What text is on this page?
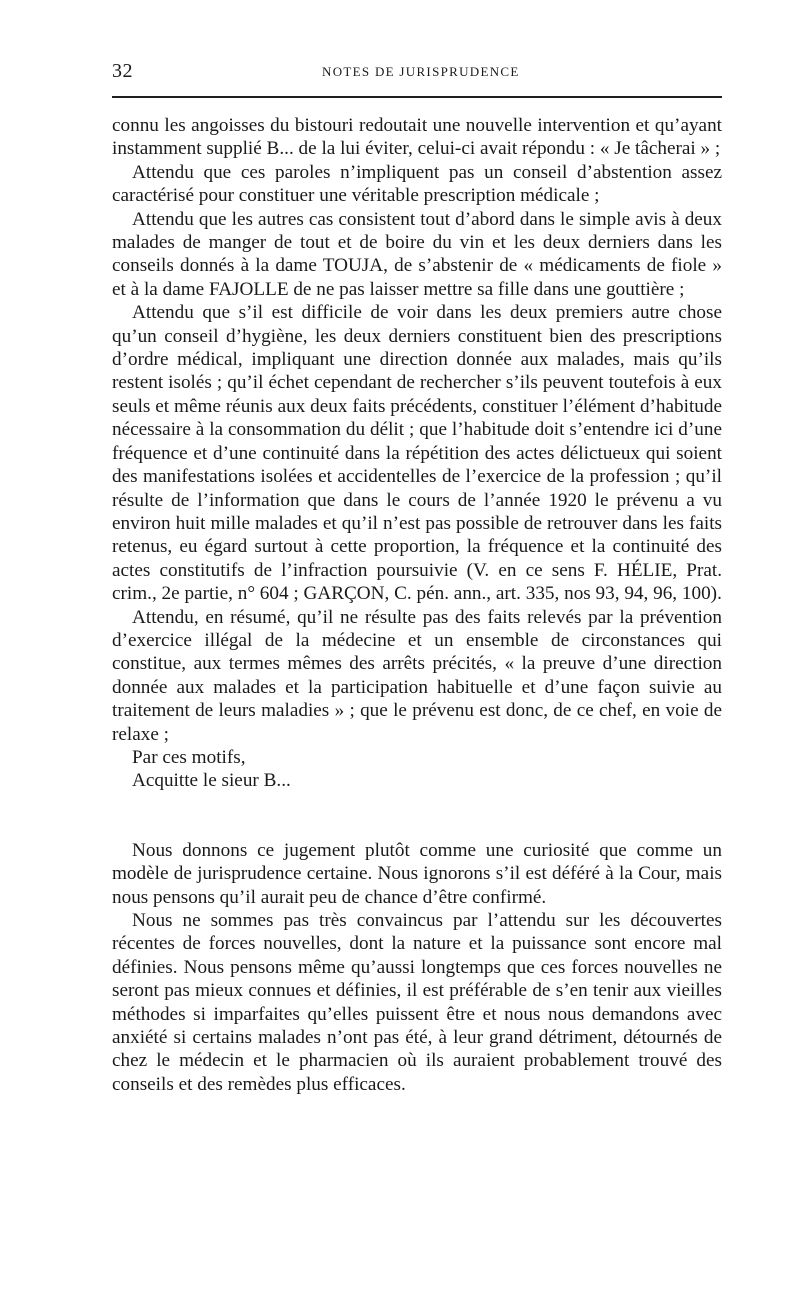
32	NOTES DE JURISPRUDENCE

connu les angoisses du bistouri redoutait une nouvelle intervention et qu’ayant instamment supplié B... de la lui éviter, celui-ci avait répondu : « Je tâcherai » ;

Attendu que ces paroles n’impliquent pas un conseil d’abstention assez caractérisé pour constituer une véritable prescription médicale ;

Attendu que les autres cas consistent tout d’abord dans le simple avis à deux malades de manger de tout et de boire du vin et les deux derniers dans les conseils donnés à la dame TOUJA, de s’abstenir de « médicaments de fiole » et à la dame FAJOLLE de ne pas laisser mettre sa fille dans une gouttière ;

Attendu que s’il est difficile de voir dans les deux premiers autre chose qu’un conseil d’hygiène, les deux derniers constituent bien des prescriptions d’ordre médical, impliquant une direction donnée aux malades, mais qu’ils restent isolés ; qu’il échet cependant de rechercher s’ils peuvent toutefois à eux seuls et même réunis aux deux faits précédents, constituer l’élément d’habitude nécessaire à la consommation du délit ; que l’habitude doit s’entendre ici d’une fréquence et d’une continuité dans la répétition des actes délictueux qui soient des manifestations isolées et accidentelles de l’exercice de la profession ; qu’il résulte de l’information que dans le cours de l’année 1920 le prévenu a vu environ huit mille malades et qu’il n’est pas possible de retrouver dans les faits retenus, eu égard surtout à cette proportion, la fréquence et la continuité des actes constitutifs de l’infraction poursuivie (V. en ce sens F. HÉLIE, Prat. crim., 2e partie, n° 604 ; GARÇON, C. pén. ann., art. 335, nos 93, 94, 96, 100).

Attendu, en résumé, qu’il ne résulte pas des faits relevés par la prévention d’exercice illégal de la médecine et un ensemble de circonstances qui constitue, aux termes mêmes des arrêts précités, « la preuve d’une direction donnée aux malades et la participation habituelle et d’une façon suivie au traitement de leurs maladies » ; que le prévenu est donc, de ce chef, en voie de relaxe ;

Par ces motifs,

Acquitte le sieur B...

Nous donnons ce jugement plutôt comme une curiosité que comme un modèle de jurisprudence certaine. Nous ignorons s’il est déféré à la Cour, mais nous pensons qu’il aurait peu de chance d’être confirmé.

Nous ne sommes pas très convaincus par l’attendu sur les découvertes récentes de forces nouvelles, dont la nature et la puissance sont encore mal définies. Nous pensons même qu’aussi longtemps que ces forces nouvelles ne seront pas mieux connues et définies, il est préférable de s’en tenir aux vieilles méthodes si imparfaites qu’elles puissent être et nous nous demandons avec anxiété si certains malades n’ont pas été, à leur grand détriment, détournés de chez le médecin et le pharmacien où ils auraient probablement trouvé des conseils et des remèdes plus efficaces.
